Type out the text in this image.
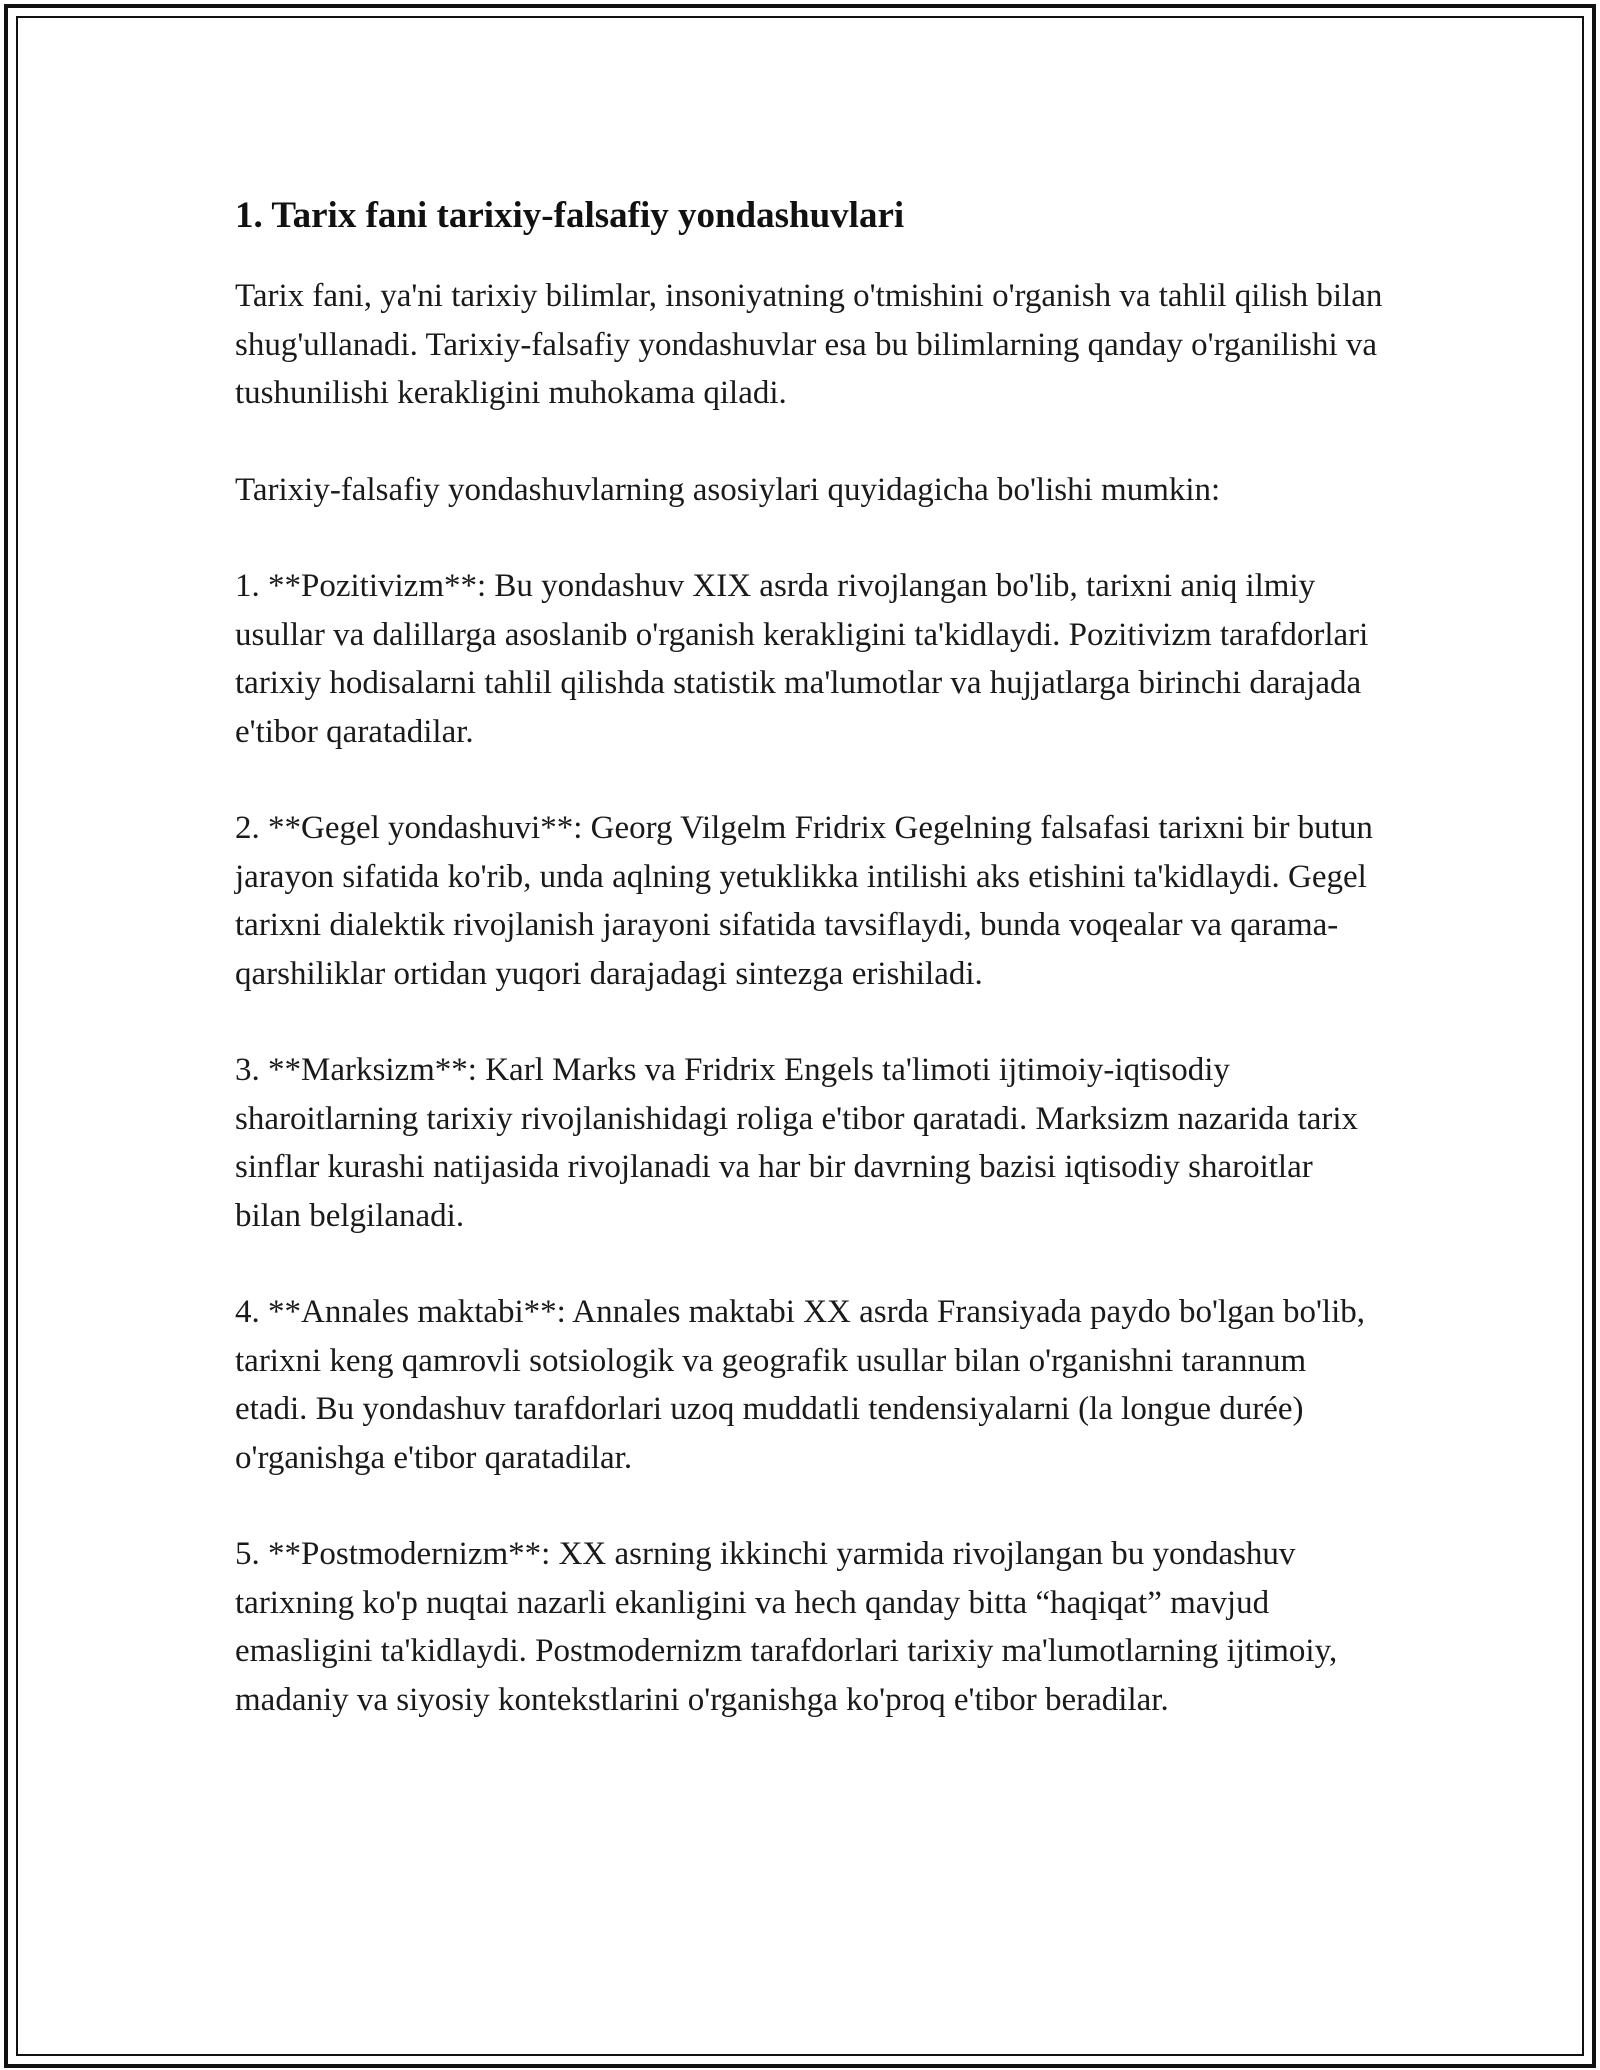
1. Tarix fani tarixiy-falsafiy yondashuvlari

Tarix fani, ya'ni tarixiy bilimlar, insoniyatning o'tmishini o'rganish va tahlil qilish bilan shug'ullanadi. Tarixiy-falsafiy yondashuvlar esa bu bilimlarning qanday o'rganilishi va tushunilishi kerakligini muhokama qiladi.

Tarixiy-falsafiy yondashuvlarning asosiylari quyidagicha bo'lishi mumkin:

1. **Pozitivizm**: Bu yondashuv XIX asrda rivojlangan bo'lib, tarixni aniq ilmiy usullar va dalillarga asoslanib o'rganish kerakligini ta'kidlaydi. Pozitivizm tarafdorlari tarixiy hodisalarni tahlil qilishda statistik ma'lumotlar va hujjatlarga birinchi darajada e'tibor qaratadilar.

2. **Gegel yondashuvi**: Georg Vilgelm Fridrix Gegelning falsafasi tarixni bir butun jarayon sifatida ko'rib, unda aqlning yetuklikka intilishi aks etishini ta'kidlaydi. Gegel tarixni dialektik rivojlanish jarayoni sifatida tavsiflaydi, bunda voqealar va qarama-qarshiliklar ortidan yuqori darajadagi sintezga erishiladi.

3. **Marksizm**: Karl Marks va Fridrix Engels ta'limoti ijtimoiy-iqtisodiy sharoitlarning tarixiy rivojlanishidagi roliga e'tibor qaratadi. Marksizm nazarida tarix sinflar kurashi natijasida rivojlanadi va har bir davrning bazisi iqtisodiy sharoitlar bilan belgilanadi.

4. **Annales maktabi**: Annales maktabi XX asrda Fransiyada paydo bo'lgan bo'lib, tarixni keng qamrovli sotsiologik va geografik usullar bilan o'rganishni tarannum etadi. Bu yondashuv tarafdorlari uzoq muddatli tendensiyalarni (la longue durée) o'rganishga e'tibor qaratadilar.

5. **Postmodernizm**: XX asrning ikkinchi yarmida rivojlangan bu yondashuv tarixning ko'p nuqtai nazarli ekanligini va hech qanday bitta “haqiqat” mavjud emasligini ta'kidlaydi. Postmodernizm tarafdorlari tarixiy ma'lumotlarning ijtimoiy, madaniy va siyosiy kontekstlarini o'rganishga ko'proq e'tibor beradilar.
